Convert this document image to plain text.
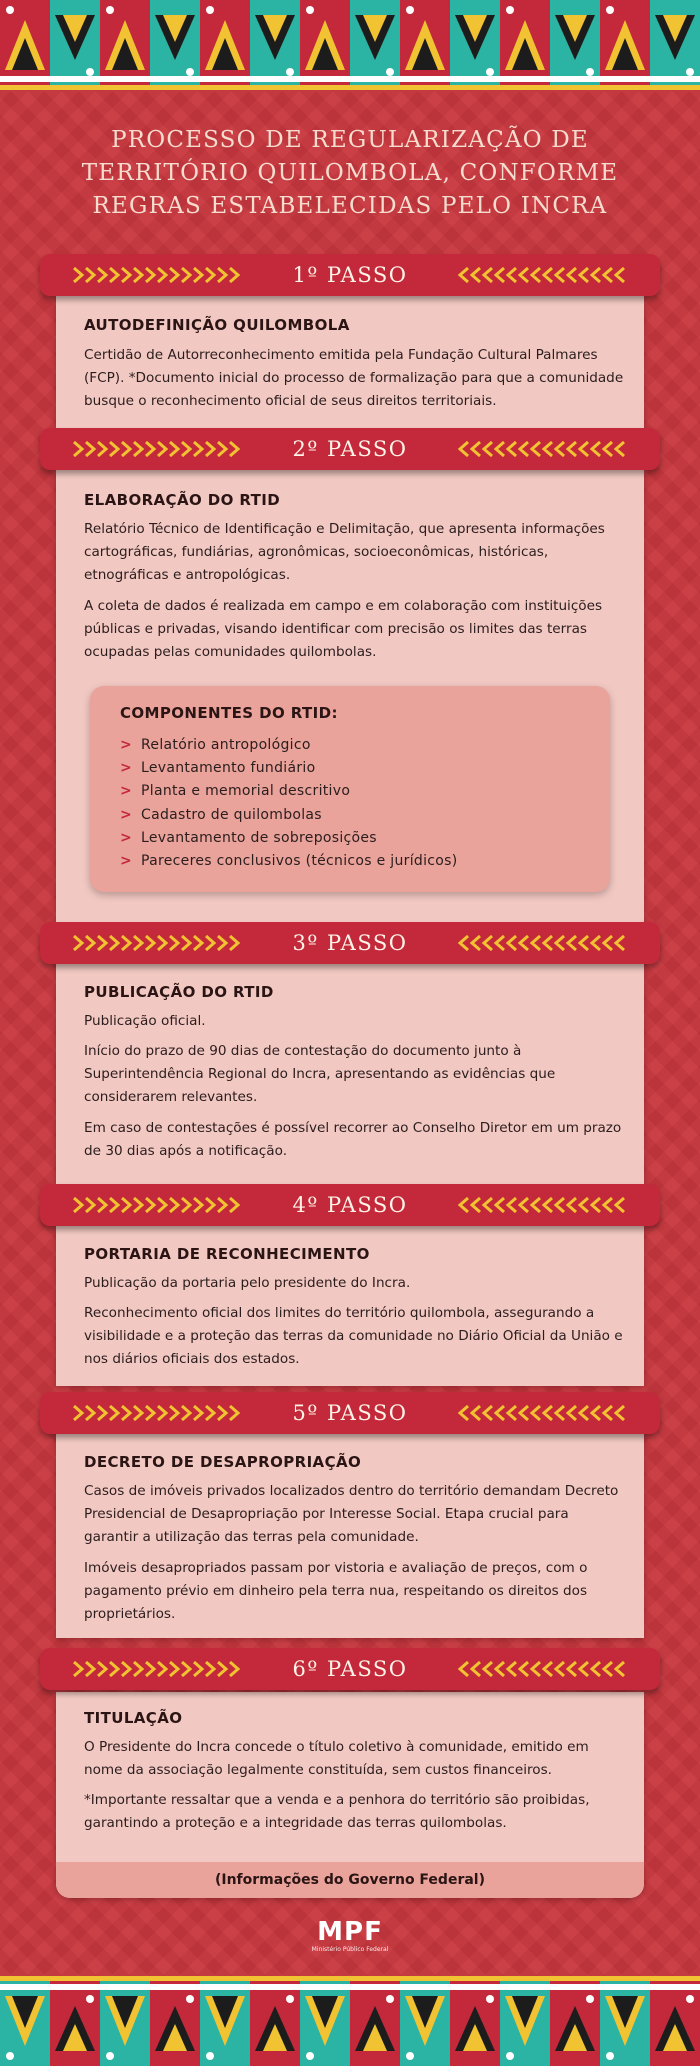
PROCESSO DE REGULARIZAÇÃO DE
TERRITÓRIO QUILOMBOLA, CONFORME
REGRAS ESTABELECIDAS PELO INCRA
1º PASSO
2º PASSO
3º PASSO
4º PASSO
5º PASSO
6º PASSO
AUTODEFINIÇÃO QUILOMBOLA

Certidão de Autorreconhecimento emitida pela Fundação Cultural Palmares (FCP). *Documento inicial do processo de formalização para que a comunidade busque o reconhecimento oficial de seus direitos territoriais.

ELABORAÇÃO DO RTID

Relatório Técnico de Identificação e Delimitação, que apresenta informações cartográficas, fundiárias, agronômicas, socioeconômicas, históricas, etnográficas e antropológicas.

A coleta de dados é realizada em campo e em colaboração com instituições públicas e privadas, visando identificar com precisão os limites das terras ocupadas pelas comunidades quilombolas.

COMPONENTES DO RTID:
> Relatório antropológico
> Levantamento fundiário
> Planta e memorial descritivo
> Cadastro de quilombolas
> Levantamento de sobreposições
> Pareceres conclusivos (técnicos e jurídicos)
PUBLICAÇÃO DO RTID

Publicação oficial.

Início do prazo de 90 dias de contestação do documento junto à Superintendência Regional do Incra, apresentando as evidências que considerarem relevantes.

Em caso de contestações é possível recorrer ao Conselho Diretor em um prazo de 30 dias após a notificação.

PORTARIA DE RECONHECIMENTO

Publicação da portaria pelo presidente do Incra.

Reconhecimento oficial dos limites do território quilombola, assegurando a visibilidade e a proteção das terras da comunidade no Diário Oficial da União e nos diários oficiais dos estados.

DECRETO DE DESAPROPRIAÇÃO

Casos de imóveis privados localizados dentro do território demandam Decreto Presidencial de Desapropriação por Interesse Social. Etapa crucial para garantir a utilização das terras pela comunidade.

Imóveis desapropriados passam por vistoria e avaliação de preços, com o pagamento prévio em dinheiro pela terra nua, respeitando os direitos dos proprietários.

TITULAÇÃO

O Presidente do Incra concede o título coletivo à comunidade, emitido em nome da associação legalmente constituída, sem custos financeiros.

*Importante ressaltar que a venda e a penhora do território são proibidas, garantindo a proteção e a integridade das terras quilombolas.

(Informações do Governo Federal)
MPF
Ministério Público Federal
